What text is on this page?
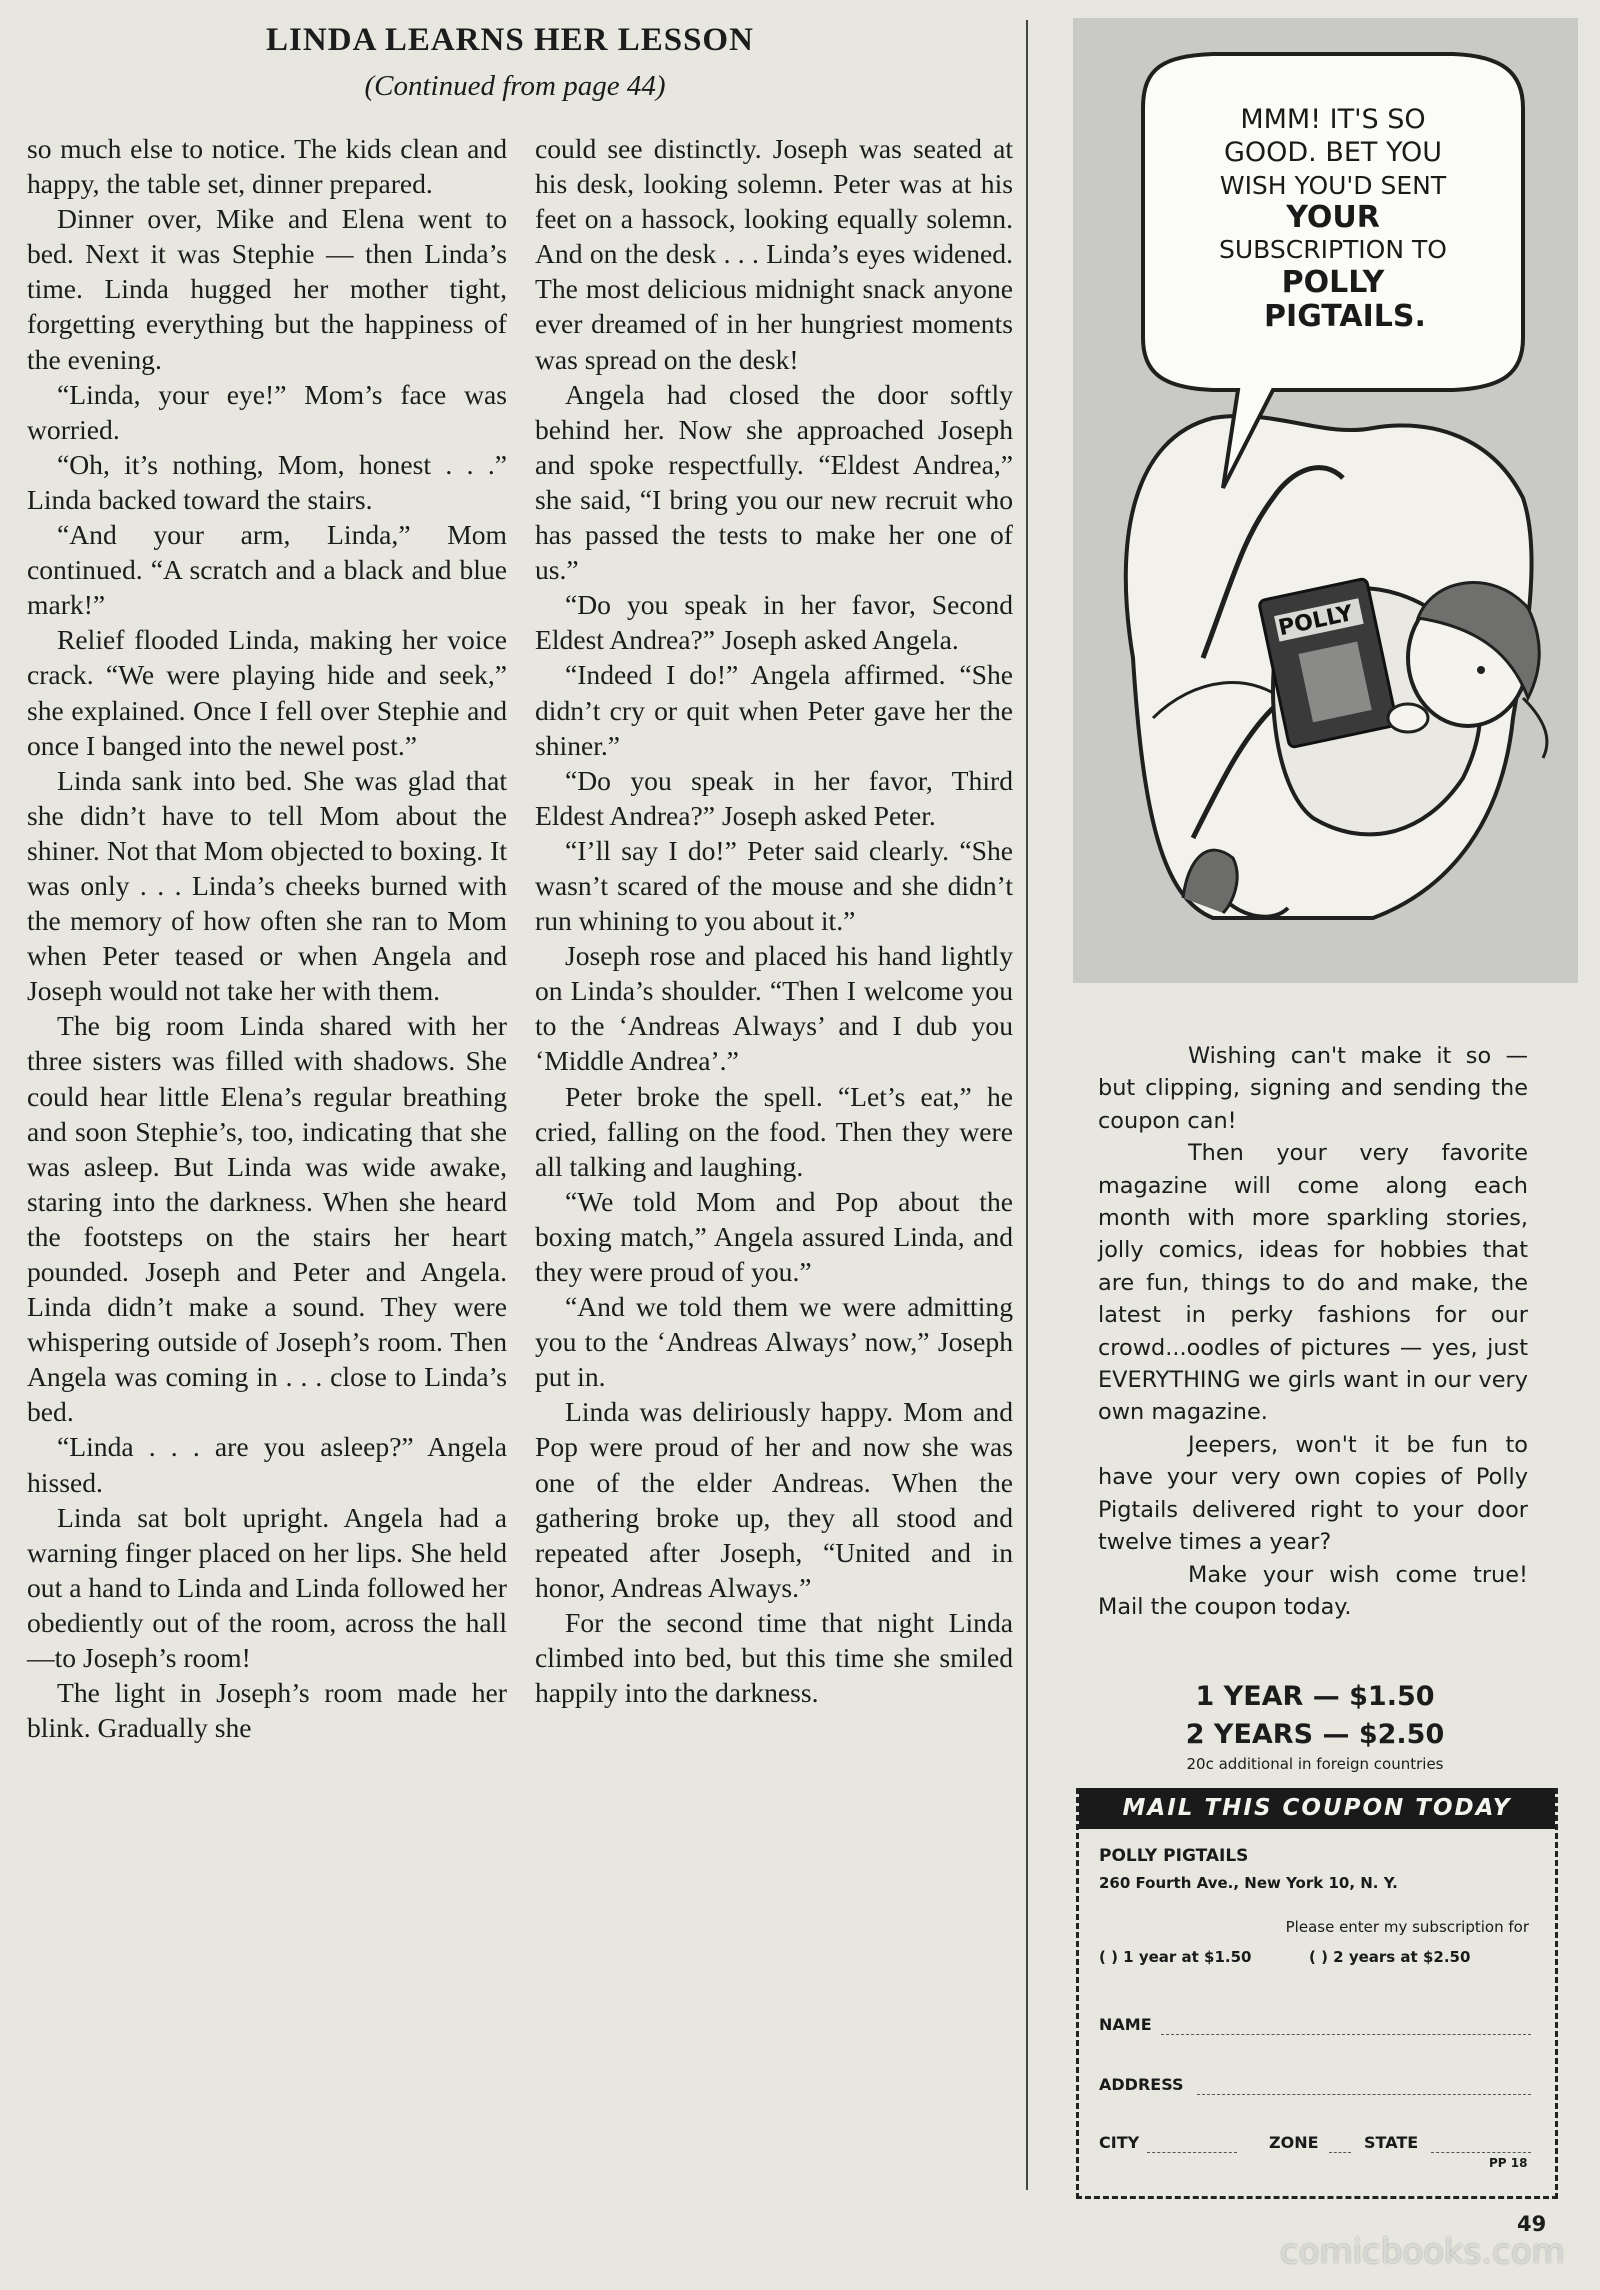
LINDA LEARNS HER LESSON
(Continued from page 44)

so much else to notice. The kids clean and happy, the table set, dinner prepared.

Dinner over, Mike and Elena went to bed. Next it was Stephie — then Linda’s time. Linda hugged her mother tight, forgetting everything but the happiness of the evening.

“Linda, your eye!” Mom’s face was worried.

“Oh, it’s nothing, Mom, honest . . .” Linda backed toward the stairs.

“And your arm, Linda,” Mom continued. “A scratch and a black and blue mark!”

Relief flooded Linda, making her voice crack. “We were playing hide and seek,” she explained. Once I fell over Stephie and once I banged into the newel post.”

Linda sank into bed. She was glad that she didn’t have to tell Mom about the shiner. Not that Mom objected to boxing. It was only . . . Linda’s cheeks burned with the memory of how often she ran to Mom when Peter teased or when Angela and Joseph would not take her with them.

The big room Linda shared with her three sisters was filled with shadows. She could hear little Elena’s regular breathing and soon Stephie’s, too, indicating that she was asleep. But Linda was wide awake, staring into the darkness. When she heard the footsteps on the stairs her heart pounded. Joseph and Peter and Angela. Linda didn’t make a sound. They were whispering outside of Joseph’s room. Then Angela was coming in . . . close to Linda’s bed.

“Linda . . . are you asleep?” Angela hissed.

Linda sat bolt upright. Angela had a warning finger placed on her lips. She held out a hand to Linda and Linda followed her obediently out of the room, across the hall—to Joseph’s room!

The light in Joseph’s room made her blink. Gradually she

could see distinctly. Joseph was seated at his desk, looking solemn. Peter was at his feet on a hassock, looking equally solemn. And on the desk . . . Linda’s eyes widened. The most delicious midnight snack anyone ever dreamed of in her hungriest moments was spread on the desk!

Angela had closed the door softly behind her. Now she approached Joseph and spoke respectfully. “Eldest Andrea,” she said, “I bring you our new recruit who has passed the tests to make her one of us.”

“Do you speak in her favor, Second Eldest Andrea?” Joseph asked Angela.

“Indeed I do!” Angela affirmed. “She didn’t cry or quit when Peter gave her the shiner.”

“Do you speak in her favor, Third Eldest Andrea?” Joseph asked Peter.

“I’ll say I do!” Peter said clearly. “She wasn’t scared of the mouse and she didn’t run whining to you about it.”

Joseph rose and placed his hand lightly on Linda’s shoulder. “Then I welcome you to the ‘Andreas Always’ and I dub you ‘Middle Andrea’.”

Peter broke the spell. “Let’s eat,” he cried, falling on the food. Then they were all talking and laughing.

“We told Mom and Pop about the boxing match,” Angela assured Linda, and they were proud of you.”

“And we told them we were admitting you to the ‘Andreas Always’ now,” Joseph put in.

Linda was deliriously happy. Mom and Pop were proud of her and now she was one of the elder Andreas. When the gathering broke up, they all stood and repeated after Joseph, “United and in honor, Andreas Always.”

For the second time that night Linda climbed into bed, but this time she smiled happily into the darkness.

POLLY
MMM! IT'S SO
GOOD. BET YOU
WISH YOU'D SENT
YOUR
SUBSCRIPTION TO
POLLY
PIGTAILS.

Wishing can't make it so — but clipping, signing and sending the coupon can!

Then your very favorite magazine will come along each month with more sparkling stories, jolly comics, ideas for hobbies that are fun, things to do and make, the latest in perky fashions for our crowd...oodles of pictures — yes, just EVERYTHING we girls want in our very own magazine.

Jeepers, won't it be fun to have your very own copies of Polly Pigtails delivered right to your door twelve times a year?

Make your wish come true! Mail the coupon today.

1 YEAR — $1.50
2 YEARS — $2.50
20c additional in foreign countries
MAIL THIS COUPON TODAY
POLLY PIGTAILS
260 Fourth Ave., New York 10, N. Y.
Please enter my subscription for
( ) 1 year at $1.50	( ) 2 years at $2.50
NAME
ADDRESS
CITY	ZONE	STATE
PP 18
49
comicbooks.com
